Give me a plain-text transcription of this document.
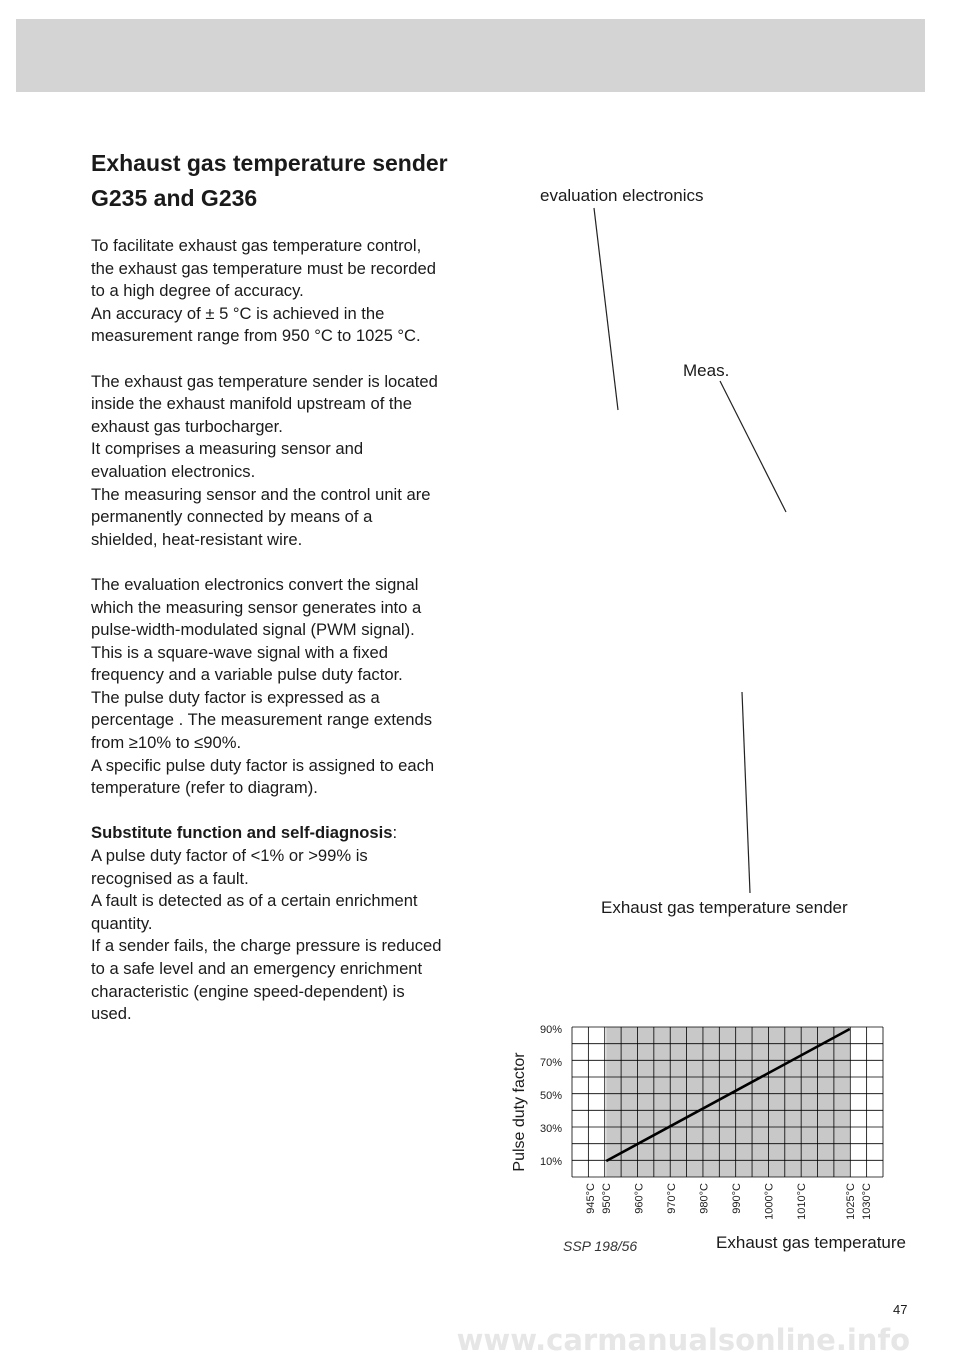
Exhaust gas temperature sender
G235 and G236

To facilitate exhaust gas temperature control,
the exhaust gas temperature must be recorded
to a high degree of accuracy.
An accuracy of ± 5 °C is achieved in the
measurement range from 950 °C to 1025 °C.

The exhaust gas temperature sender is located
inside the exhaust manifold upstream of the
exhaust gas turbocharger.
It comprises a measuring sensor and
evaluation electronics.
The measuring sensor and the control unit are
permanently connected by means of a
shielded, heat-resistant wire.

The evaluation electronics convert the signal
which the measuring sensor generates into a
pulse-width-modulated signal (PWM signal).
This is a square-wave signal with a fixed
frequency and a variable pulse duty factor.
The pulse duty factor is expressed as a
percentage . The measurement range extends
from ≥10% to ≤90%.
A specific pulse duty factor is assigned to each
temperature (refer to diagram).

Substitute function and self-diagnosis:
A pulse duty factor of <1% or >99% is
recognised as a fault.
A fault is detected as of a certain enrichment
quantity.
If a sender fails, the charge pressure is reduced
to a safe level and an emergency enrichment
characteristic (engine speed-dependent) is
used.
evaluation electronics
Meas.
Exhaust gas temperature sender
10%
30%
50%
70%
90%
945°C 950°C 960°C 970°C 980°C 990°C 1000°C 1010°C	1025°C 1030°C
Pulse duty factor
Exhaust gas temperature
SSP 198/56
47
www.carmanualsonline.info
